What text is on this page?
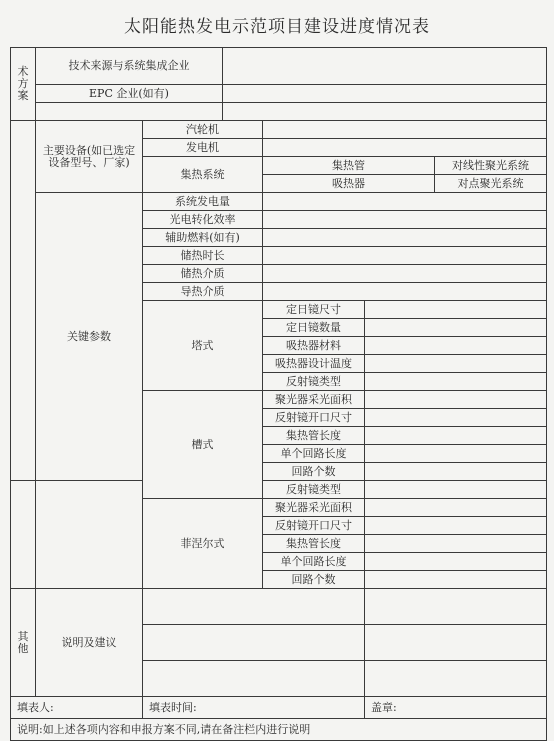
太阳能热发电示范项目建设进度情况表
术
方
案	技术来源与系统集成企业					
	EPC 企业(如有)					

	主要设备(如已选定设备型号、厂家)	汽轮机				
		发电机				
		集热系统		集热管		对线性聚光系统
				吸热器		对点聚光系统
	关键参数	系统发电量				
		光电转化效率				
		辅助燃料(如有)				
		储热时长				
		储热介质				
		导热介质				
		塔式		定日镜尺寸		
				定日镜数量		
				吸热器材料		
				吸热器设计温度		
				反射镜类型		
		槽式		聚光器采光面积		
				反射镜开口尺寸		
				集热管长度		
				单个回路长度		
				回路个数		
				反射镜类型		
		菲涅尔式		聚光器采光面积		
				反射镜开口尺寸		
				集热管长度		
				单个回路长度		
				回路个数		

其
他	说明及建议					

填表人:		填表时间:			盖章:	
说明:如上述各项内容和申报方案不同,请在备注栏内进行说明						
